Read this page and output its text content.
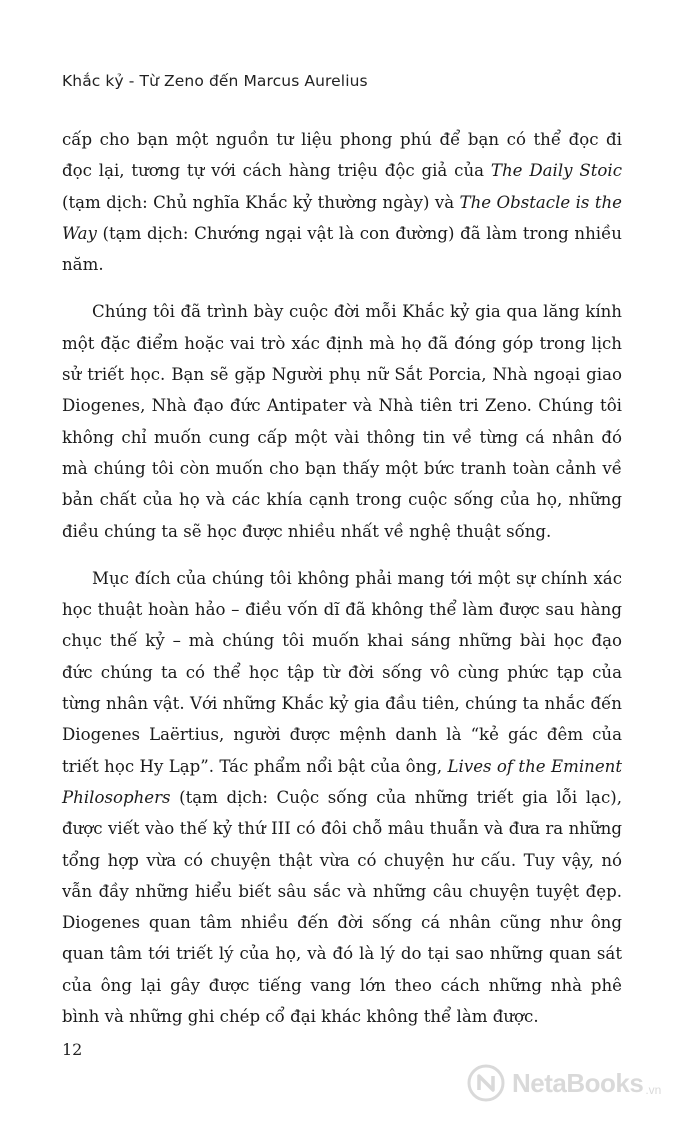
Khắc kỷ - Từ Zeno đến Marcus Aurelius

cấp cho bạn một nguồn tư liệu phong phú để bạn có thể đọc đi đọc lại, tương tự với cách hàng triệu độc giả của The Daily Stoic (tạm dịch: Chủ nghĩa Khắc kỷ thường ngày) và The Obstacle is the Way (tạm dịch: Chướng ngại vật là con đường) đã làm trong nhiều năm.

Chúng tôi đã trình bày cuộc đời mỗi Khắc kỷ gia qua lăng kính một đặc điểm hoặc vai trò xác định mà họ đã đóng góp trong lịch sử triết học. Bạn sẽ gặp Người phụ nữ Sắt Porcia, Nhà ngoại giao Diogenes, Nhà đạo đức Antipater và Nhà tiên tri Zeno. Chúng tôi không chỉ muốn cung cấp một vài thông tin về từng cá nhân đó mà chúng tôi còn muốn cho bạn thấy một bức tranh toàn cảnh về bản chất của họ và các khía cạnh trong cuộc sống của họ, những điều chúng ta sẽ học được nhiều nhất về nghệ thuật sống.

Mục đích của chúng tôi không phải mang tới một sự chính xác học thuật hoàn hảo – điều vốn dĩ đã không thể làm được sau hàng chục thế kỷ – mà chúng tôi muốn khai sáng những bài học đạo đức chúng ta có thể học tập từ đời sống vô cùng phức tạp của từng nhân vật. Với những Khắc kỷ gia đầu tiên, chúng ta nhắc đến Diogenes Laërtius, người được mệnh danh là “kẻ gác đêm của triết học Hy Lạp”. Tác phẩm nổi bật của ông, Lives of the Eminent Philosophers (tạm dịch: Cuộc sống của những triết gia lỗi lạc), được viết vào thế kỷ thứ III có đôi chỗ mâu thuẫn và đưa ra những tổng hợp vừa có chuyện thật vừa có chuyện hư cấu. Tuy vậy, nó vẫn đầy những hiểu biết sâu sắc và những câu chuyện tuyệt đẹp. Diogenes quan tâm nhiều đến đời sống cá nhân cũng như ông quan tâm tới triết lý của họ, và đó là lý do tại sao những quan sát của ông lại gây được tiếng vang lớn theo cách những nhà phê bình và những ghi chép cổ đại khác không thể làm được.

12
NetaBooks .vn
